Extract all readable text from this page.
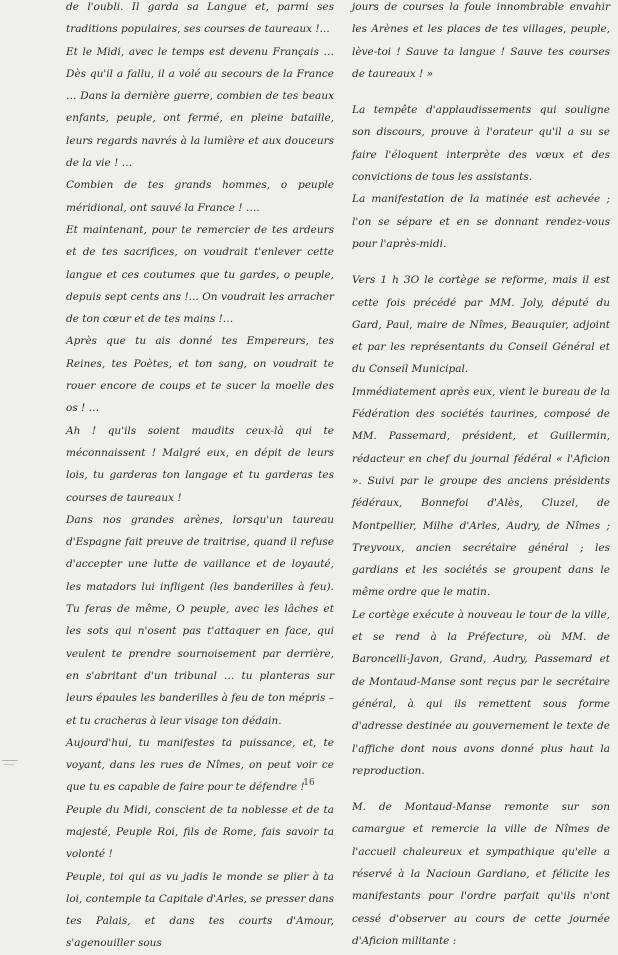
de l'oubli. Il garda sa Langue et, parmi ses traditions populaires, ses courses de taureaux !...

Et le Midi, avec le temps est devenu Français … Dès qu'il a fallu, il a volé au secours de la France … Dans la dernière guerre, combien de tes beaux enfants, peuple, ont fermé, en pleine bataille, leurs regards navrés à la lumière et aux douceurs de la vie ! …

Combien de tes grands hommes, o peuple méridional, ont sauvé la France ! ….

Et maintenant, pour te remercier de tes ardeurs et de tes sacrifices, on voudrait t'enlever cette langue et ces coutumes que tu gardes, o peuple, depuis sept cents ans !... On voudrait les arracher de ton cœur et de tes mains !…

Après que tu ais donné tes Empereurs, tes Reines, tes Poètes, et ton sang, on voudrait te rouer encore de coups et te sucer la moelle des os ! …

Ah ! qu'ils soient maudits ceux-là qui te méconnaissent ! Malgré eux, en dépit de leurs lois, tu garderas ton langage et tu garderas tes courses de taureaux !

Dans nos grandes arènes, lorsqu'un taureau d'Espagne fait preuve de traitrise, quand il refuse d'accepter une lutte de vaillance et de loyauté, les matadors lui infligent (les banderilles à feu). Tu feras de même, O peuple, avec les lâches et les sots qui n'osent pas t'attaquer en face, qui veulent te prendre sournoisement par derrière, en s'abritant d'un tribunal … tu planteras sur leurs épaules les banderilles à feu de ton mépris – et tu cracheras à leur visage ton dédain.

Aujourd'hui, tu manifestes ta puissance, et, te voyant, dans les rues de Nîmes, on peut voir ce que tu es capable de faire pour te défendre !

Peuple du Midi, conscient de ta noblesse et de ta majesté, Peuple Roi, fils de Rome, fais savoir ta volonté !

Peuple, toi qui as vu jadis le monde se plier à ta loi, contemple ta Capitale d'Arles, se presser dans tes Palais, et dans tes courts d'Amour, s'agenouiller sous

jours de courses la foule innombrable envahir les Arènes et les places de tes villages, peuple, lève-toi ! Sauve ta langue ! Sauve tes courses de taureaux ! »

La tempête d'applaudissements qui souligne son discours, prouve à l'orateur qu'il a su se faire l'éloquent interprète des vœux et des convictions de tous les assistants.

La manifestation de la matinée est achevée ; l'on se sépare et en se donnant rendez-vous pour l'après-midi.

Vers 1 h 3O le cortège se reforme, mais il est cette fois précédé par MM. Joly, député du Gard, Paul, maire de Nîmes, Beauquier, adjoint et par les représentants du Conseil Général et du Conseil Municipal.

Immédiatement après eux, vient le bureau de la Fédération des sociétés taurines, composé de MM. Passemard, président, et Guillermin, rédacteur en chef du journal fédéral « l'Aficion ». Suivi par le groupe des anciens présidents fédéraux, Bonnefoi d'Alès, Cluzel, de Montpellier, Milhe d'Arles, Audry, de Nîmes ; Treyvoux, ancien secrétaire général ; les gardians et les sociétés se groupent dans le même ordre que le matin.

Le cortège exécute à nouveau le tour de la ville, et se rend à la Préfecture, où MM. de Baroncelli-Javon, Grand, Audry, Passemard et de Montaud-Manse sont reçus par le secrétaire général, à qui ils remettent sous forme d'adresse destinée au gouvernement le texte de l'affiche dont nous avons donné plus haut la reproduction.

M. de Montaud-Manse remonte sur son camargue et remercie la ville de Nîmes de l'accueil chaleureux et sympathique qu'elle a réservé à la Nacioun Gardiano, et félicite les manifestants pour l'ordre parfait qu'ils n'ont cessé d'observer au cours de cette journée d'Aficion militante :

16
